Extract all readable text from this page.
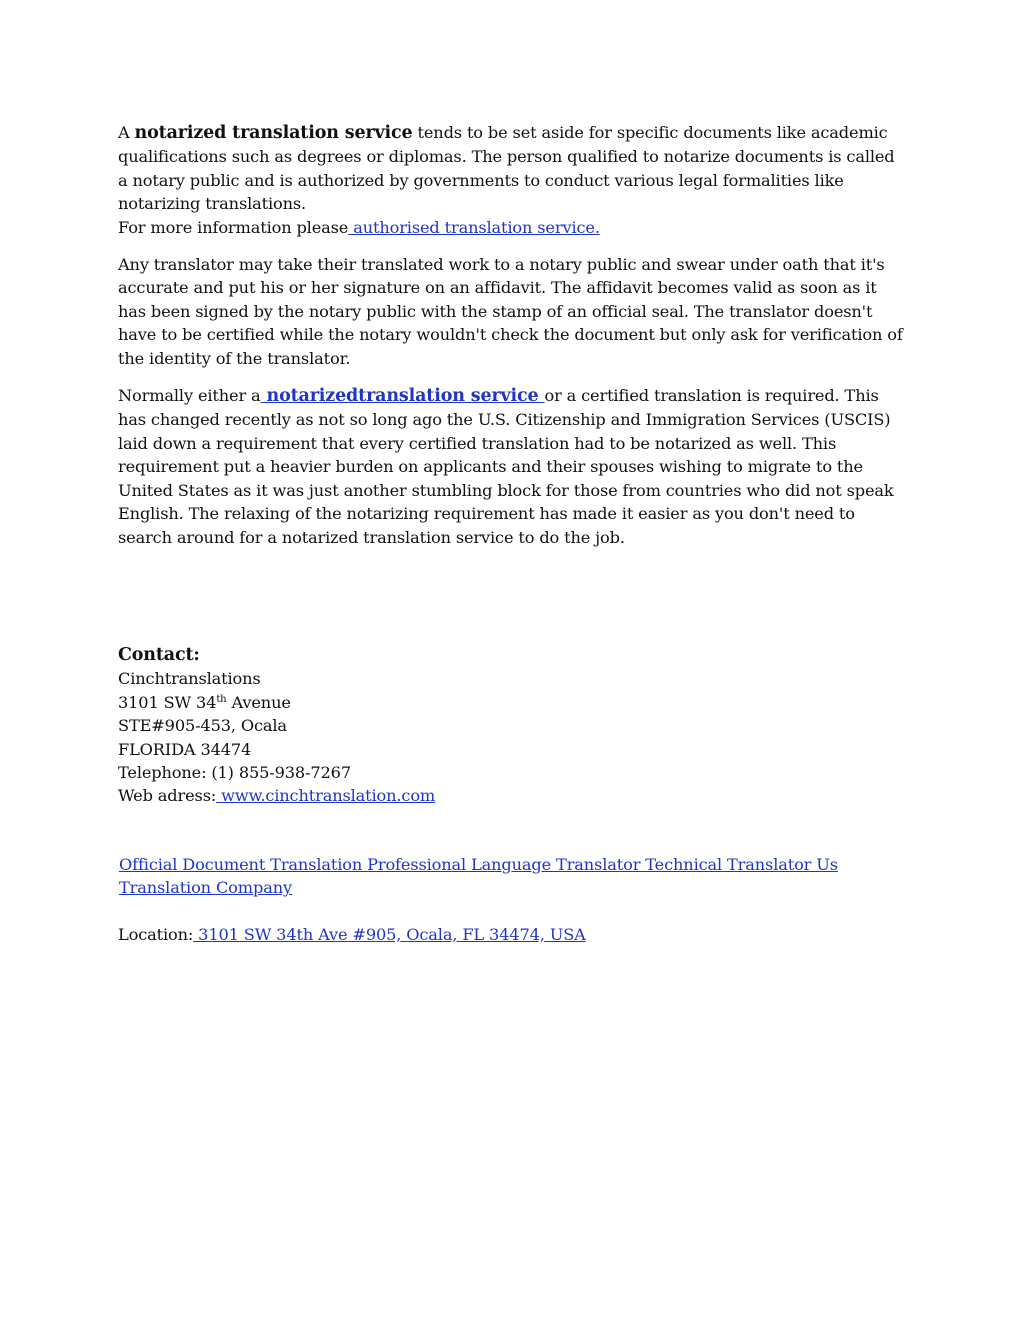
A notarized translation service tends to be set aside for specific documents like academic qualifications such as degrees or diplomas. The person qualified to notarize documents is called a notary public and is authorized by governments to conduct various legal formalities like notarizing translations.
For more information please authorised translation service.

Any translator may take their translated work to a notary public and swear under oath that it's accurate and put his or her signature on an affidavit. The affidavit becomes valid as soon as it has been signed by the notary public with the stamp of an official seal. The translator doesn't have to be certified while the notary wouldn't check the document but only ask for verification of the identity of the translator.

Normally either a notarizedtranslation service or a certified translation is required. This has changed recently as not so long ago the U.S. Citizenship and Immigration Services (USCIS) laid down a requirement that every certified translation had to be notarized as well. This requirement put a heavier burden on applicants and their spouses wishing to migrate to the United States as it was just another stumbling block for those from countries who did not speak English. The relaxing of the notarizing requirement has made it easier as you don't need to search around for a notarized translation service to do the job.

Contact:
Cinchtranslations
3101 SW 34th Avenue
STE#905-453, Ocala
FLORIDA 34474
Telephone: (1) 855-938-7267
Web adress: www.cinchtranslation.com
Official Document Translation Professional Language Translator Technical Translator Us Translation Company
Location: 3101 SW 34th Ave #905, Ocala, FL 34474, USA
